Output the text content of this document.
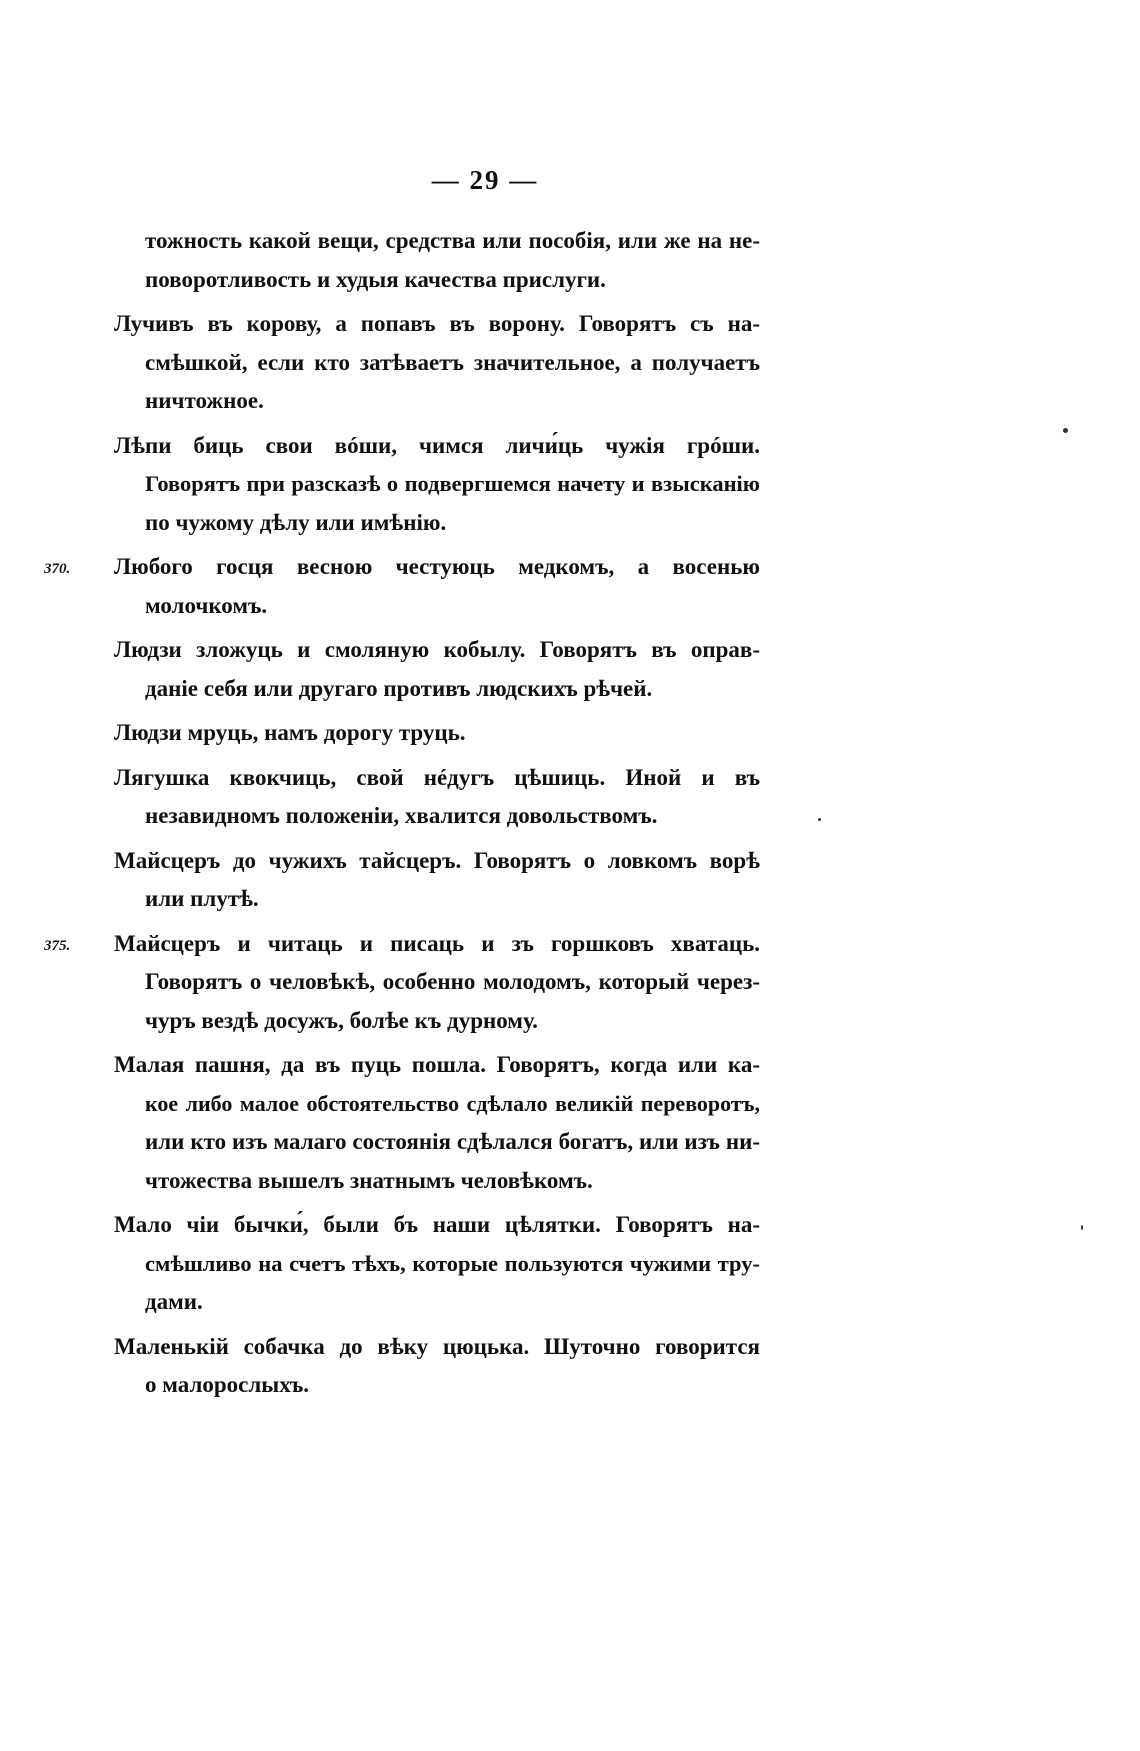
— 29 —
тожность какой вещи, средства или пособія, или же на не-
поворотливость и худыя качества прислуги.
Лучивъ въ корову, а попавъ въ ворону. Говорятъ съ на-
смѣшкой, если кто затѣваетъ значительное, а получаетъ
ничтожное.
Лѣпи биць свои вóши, чимся личи́ць чужія грóши.
Говорятъ при разсказѣ о подвергшемся начету и взысканію
по чужому дѣлу или имѣнію.
Любого госця весною честуюць медкомъ, а восенью
370.
молочкомъ.
Людзи зложуць и смоляную кобылу. Говорятъ въ оправ-
даніе себя или другаго противъ людскихъ рѣчей.
Людзи мруць, намъ дорогу труць.
Лягушка квокчиць, свой нéдугъ цѣшиць. Иной и въ
незавидномъ положеніи, хвалится довольствомъ.
Майсцеръ до чужихъ тайсцеръ. Говорятъ о ловкомъ ворѣ
или плутѣ.
Майсцеръ и читаць и писаць и зъ горшковъ хватаць.
375.
Говорятъ о человѣкѣ, особенно молодомъ, который через-
чуръ вездѣ досужъ, болѣе къ дурному.
Малая пашня, да въ пуць пошла. Говорятъ, когда или ка-
кое либо малое обстоятельство сдѣлало великій переворотъ,
или кто изъ малаго состоянія сдѣлался богатъ, или изъ ни-
чтожества вышелъ знатнымъ человѣкомъ.
Мало чіи бычки́, были бъ наши цѣлятки. Говорятъ на-
смѣшливо на счетъ тѣхъ, которые пользуются чужими тру-
дами.
Маленькій собачка до вѣку цюцька. Шуточно говорится
о малорослыхъ.
